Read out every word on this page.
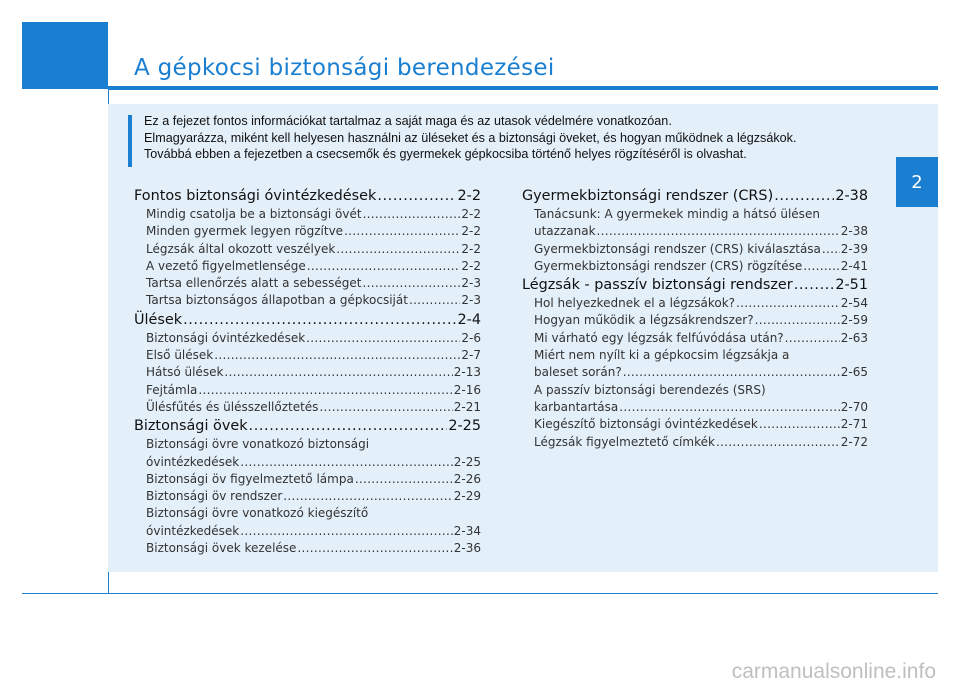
A gépkocsi biztonsági berendezései

Ez a fejezet fontos információkat tartalmaz a saját maga és az utasok védelmére vonatkozóan.
Elmagyarázza, miként kell helyesen használni az üléseket és a biztonsági öveket, és hogyan működnek a légzsákok.
Továbbá ebben a fejezetben a csecsemők és gyermekek gépkocsiba történő helyes rögzítéséről is olvashat.

2
Fontos biztonsági óvintézkedések .....	2-2
Mindig csatolja be a biztonsági övét .....	2-2
Minden gyermek legyen rögzítve .....	2-2
Légzsák által okozott veszélyek .....	2-2
A vezető figyelmetlensége .....	2-2
Tartsa ellenőrzés alatt a sebességet .....	2-3
Tartsa biztonságos állapotban a gépkocsiját .....	2-3
Ülések .....	2-4
Biztonsági óvintézkedések .....	2-6
Első ülések .....	2-7
Hátsó ülések .....	2-13
Fejtámla .....	2-16
Ülésfűtés és ülésszellőztetés .....	2-21
Biztonsági övek .....	2-25
Biztonsági övre vonatkozó biztonsági
óvintézkedések .....	2-25
Biztonsági öv figyelmeztető lámpa .....	2-26
Biztonsági öv rendszer .....	2-29
Biztonsági övre vonatkozó kiegészítő
óvintézkedések .....	2-34
Biztonsági övek kezelése .....	2-36
Gyermekbiztonsági rendszer (CRS) .....	2-38
Tanácsunk: A gyermekek mindig a hátsó ülésen
utazzanak .....	2-38
Gyermekbiztonsági rendszer (CRS) kiválasztása ..... 2-39
Gyermekbiztonsági rendszer (CRS) rögzítése .....	2-41
Légzsák - passzív biztonsági rendszer .....	2-51
Hol helyezkednek el a légzsákok? .....	2-54
Hogyan működik a légzsákrendszer? .....	2-59
Mi várható egy légzsák felfúvódása után? .....	2-63
Miért nem nyílt ki a gépkocsim légzsákja a
baleset során? .....	2-65
A passzív biztonsági berendezés (SRS)
karbantartása .....	2-70
Kiegészítő biztonsági óvintézkedések .....	2-71
Légzsák figyelmeztető címkék .....	2-72
carmanualsonline.info
